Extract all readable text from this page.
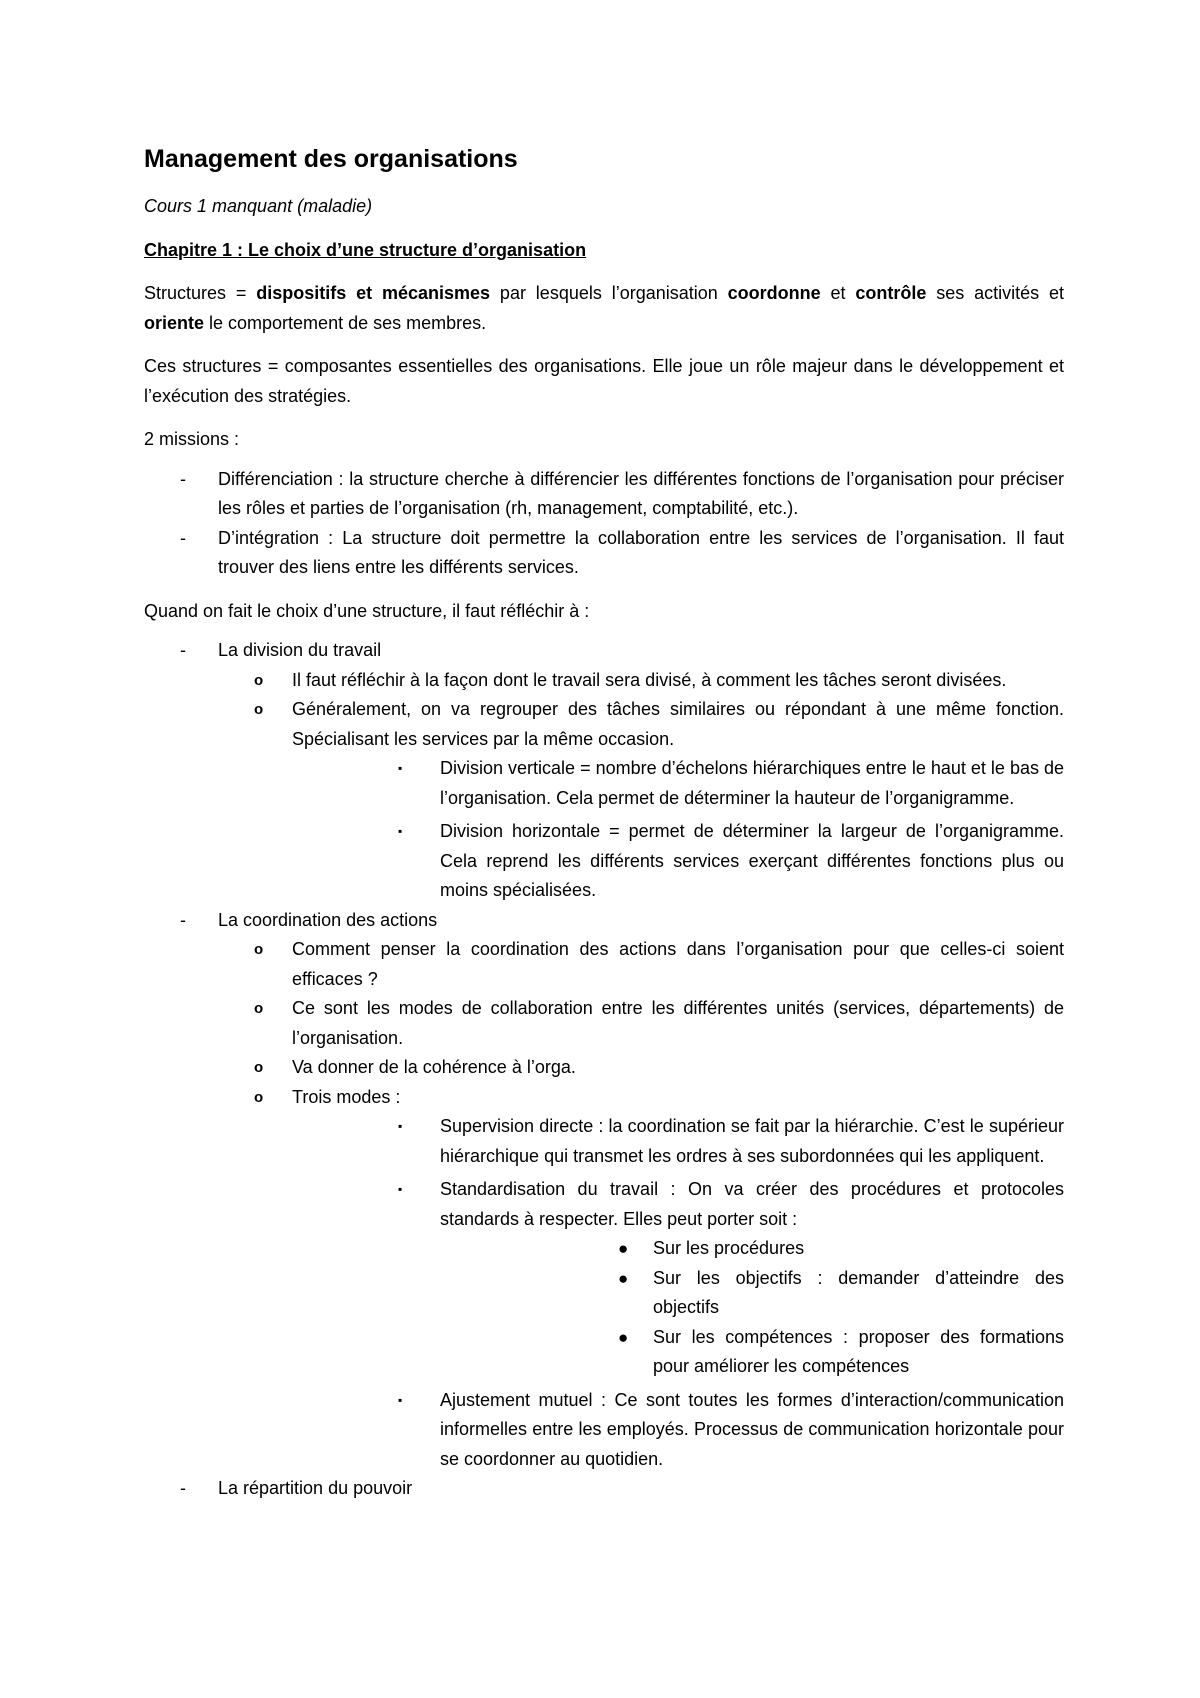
Management des organisations
Cours 1 manquant (maladie)
Chapitre 1 : Le choix d’une structure d’organisation
Structures = dispositifs et mécanismes par lesquels l’organisation coordonne et contrôle ses activités et oriente le comportement de ses membres.
Ces structures = composantes essentielles des organisations. Elle joue un rôle majeur dans le développement et l’exécution des stratégies.
2 missions :
- Différenciation : la structure cherche à différencier les différentes fonctions de l’organisation pour préciser les rôles et parties de l’organisation (rh, management, comptabilité, etc.).
- D’intégration : La structure doit permettre la collaboration entre les services de l’organisation. Il faut trouver des liens entre les différents services.
Quand on fait le choix d’une structure, il faut réfléchir à :
- La division du travail
o Il faut réfléchir à la façon dont le travail sera divisé, à comment les tâches seront divisées.
o Généralement, on va regrouper des tâches similaires ou répondant à une même fonction. Spécialisant les services par la même occasion.
▪ Division verticale = nombre d’échelons hiérarchiques entre le haut et le bas de l’organisation. Cela permet de déterminer la hauteur de l’organigramme.
▪ Division horizontale = permet de déterminer la largeur de l’organigramme. Cela reprend les différents services exerçant différentes fonctions plus ou moins spécialisées.
- La coordination des actions
o Comment penser la coordination des actions dans l’organisation pour que celles-ci soient efficaces ?
o Ce sont les modes de collaboration entre les différentes unités (services, départements) de l’organisation.
o Va donner de la cohérence à l’orga.
o Trois modes :
▪ Supervision directe : la coordination se fait par la hiérarchie. C’est le supérieur hiérarchique qui transmet les ordres à ses subordonnées qui les appliquent.
▪ Standardisation du travail : On va créer des procédures et protocoles standards à respecter. Elles peut porter soit :
● Sur les procédures
● Sur les objectifs : demander d’atteindre des objectifs
● Sur les compétences : proposer des formations pour améliorer les compétences
▪ Ajustement mutuel : Ce sont toutes les formes d’interaction/communication informelles entre les employés. Processus de communication horizontale pour se coordonner au quotidien.
- La répartition du pouvoir
